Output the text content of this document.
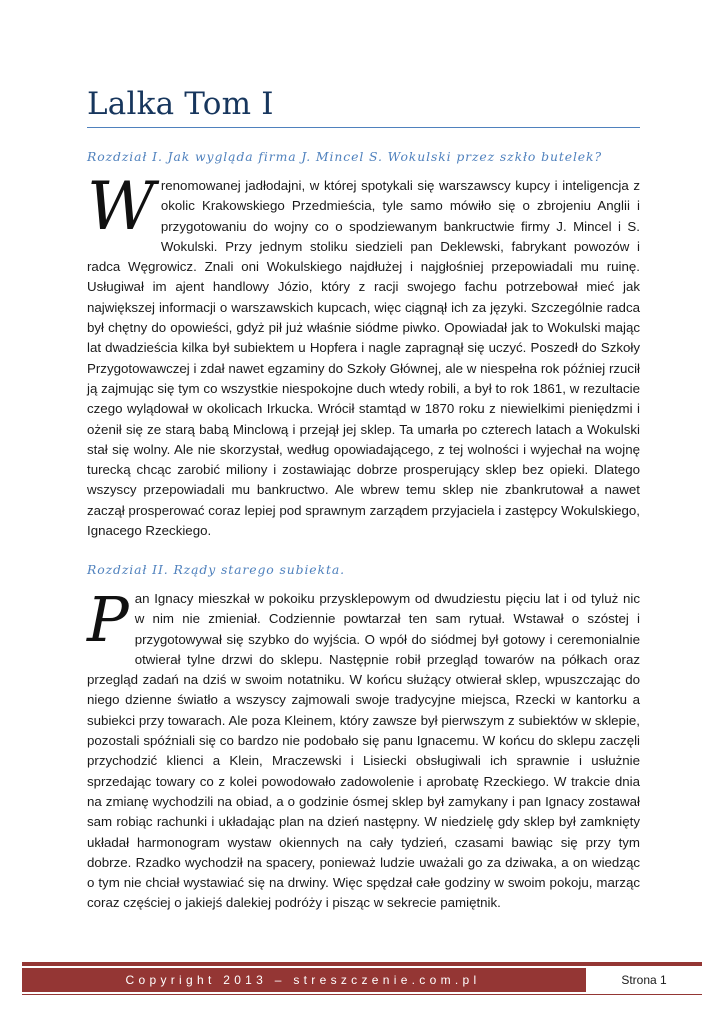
Lalka Tom I
Rozdział I. Jak wygląda firma J. Mincel S. Wokulski przez szkło butelek?

W renomowanej jadłodajni, w której spotykali się warszawscy kupcy i inteligencja z okolic Krakowskiego Przedmieścia, tyle samo mówiło się o zbrojeniu Anglii i przygotowaniu do wojny co o spodziewanym bankructwie firmy J. Mincel i S. Wokulski. Przy jednym stoliku siedzieli pan Deklewski, fabrykant powozów i radca Węgrowicz. Znali oni Wokulskiego najdłużej i najgłośniej przepowiadali mu ruinę. Usługiwał im ajent handlowy Józio, który z racji swojego fachu potrzebował mieć jak największej informacji o warszawskich kupcach, więc ciągnął ich za języki. Szczególnie radca był chętny do opowieści, gdyż pił już właśnie siódme piwko. Opowiadał jak to Wokulski mając lat dwadzieścia kilka był subiektem u Hopfera i nagle zapragnął się uczyć. Poszedł do Szkoły Przygotowawczej i zdał nawet egzaminy do Szkoły Głównej, ale w niespełna rok później rzucił ją zajmując się tym co wszystkie niespokojne duch wtedy robili, a był to rok 1861, w rezultacie czego wylądował w okolicach Irkucka. Wrócił stamtąd w 1870 roku z niewielkimi pieniędzmi i ożenił się ze starą babą Minclową i przejął jej sklep. Ta umarła po czterech latach a Wokulski stał się wolny. Ale nie skorzystał, według opowiadającego, z tej wolności i wyjechał na wojnę turecką chcąc zarobić miliony i zostawiając dobrze prosperujący sklep bez opieki. Dlatego wszyscy przepowiadali mu bankructwo. Ale wbrew temu sklep nie zbankrutował a nawet zaczął prosperować coraz lepiej pod sprawnym zarządem przyjaciela i zastępcy Wokulskiego, Ignacego Rzeckiego.

Rozdział II. Rządy starego subiekta.

Pan Ignacy mieszkał w pokoiku przysklepowym od dwudziestu pięciu lat i od tyluż nic w nim nie zmieniał. Codziennie powtarzał ten sam rytuał. Wstawał o szóstej i przygotowywał się szybko do wyjścia. O wpół do siódmej był gotowy i ceremonialnie otwierał tylne drzwi do sklepu. Następnie robił przegląd towarów na półkach oraz przegląd zadań na dziś w swoim notatniku. W końcu służący otwierał sklep, wpuszczając do niego dzienne światło a wszyscy zajmowali swoje tradycyjne miejsca, Rzecki w kantorku a subiekci przy towarach. Ale poza Kleinem, który zawsze był pierwszym z subiektów w sklepie, pozostali spóźniali się co bardzo nie podobało się panu Ignacemu. W końcu do sklepu zaczęli przychodzić klienci a Klein, Mraczewski i Lisiecki obsługiwali ich sprawnie i usłużnie sprzedając towary co z kolei powodowało zadowolenie i aprobatę Rzeckiego. W trakcie dnia na zmianę wychodzili na obiad, a o godzinie ósmej sklep był zamykany i pan Ignacy zostawał sam robiąc rachunki i układając plan na dzień następny. W niedzielę gdy sklep był zamknięty układał harmonogram wystaw okiennych na cały tydzień, czasami bawiąc się przy tym dobrze. Rzadko wychodził na spacery, ponieważ ludzie uważali go za dziwaka, a on wiedząc o tym nie chciał wystawiać się na drwiny. Więc spędzał całe godziny w swoim pokoju, marząc coraz częściej o jakiejś dalekiej podróży i pisząc w sekrecie pamiętnik.

Copyright 2013 – streszczenie.com.pl	Strona 1
